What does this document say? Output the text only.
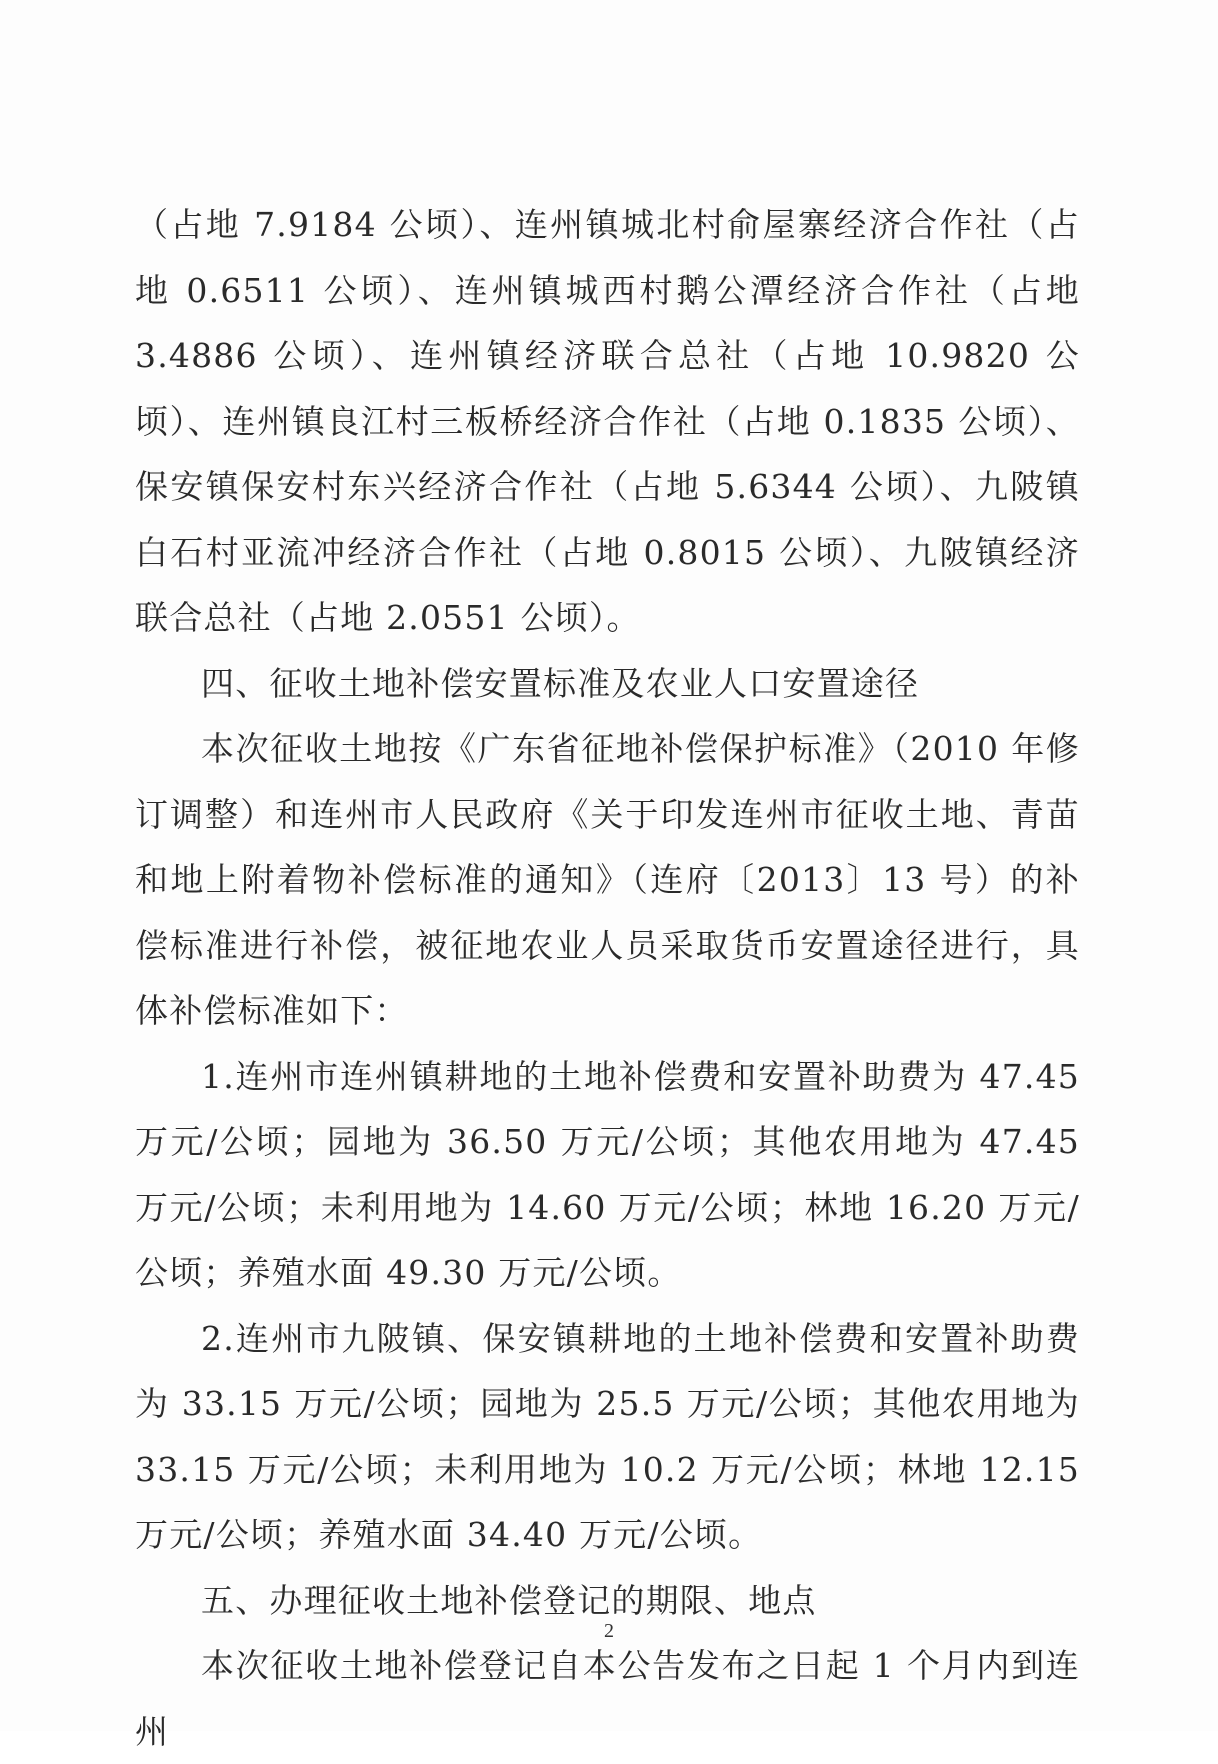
（占地 7.9184 公顷）、连州镇城北村俞屋寨经济合作社（占地 0.6511 公顷）、连州镇城西村鹅公潭经济合作社（占地 3.4886 公顷）、连州镇经济联合总社（占地 10.9820 公顷）、连州镇良江村三板桥经济合作社（占地 0.1835 公顷）、保安镇保安村东兴经济合作社（占地 5.6344 公顷）、九陂镇白石村亚流冲经济合作社（占地 0.8015 公顷）、九陂镇经济联合总社（占地 2.0551 公顷）。

四、征收土地补偿安置标准及农业人口安置途径

本次征收土地按《广东省征地补偿保护标准》（2010 年修订调整）和连州市人民政府《关于印发连州市征收土地、青苗和地上附着物补偿标准的通知》（连府〔2013〕13 号）的补偿标准进行补偿，被征地农业人员采取货币安置途径进行，具体补偿标准如下：

1.连州市连州镇耕地的土地补偿费和安置补助费为 47.45 万元/公顷；园地为 36.50 万元/公顷；其他农用地为 47.45 万元/公顷；未利用地为 14.60 万元/公顷；林地 16.20 万元/公顷；养殖水面 49.30 万元/公顷。

2.连州市九陂镇、保安镇耕地的土地补偿费和安置补助费为 33.15 万元/公顷；园地为 25.5 万元/公顷；其他农用地为 33.15 万元/公顷；未利用地为 10.2 万元/公顷；林地 12.15 万元/公顷；养殖水面 34.40 万元/公顷。

五、办理征收土地补偿登记的期限、地点

本次征收土地补偿登记自本公告发布之日起 1 个月内到连州

2
